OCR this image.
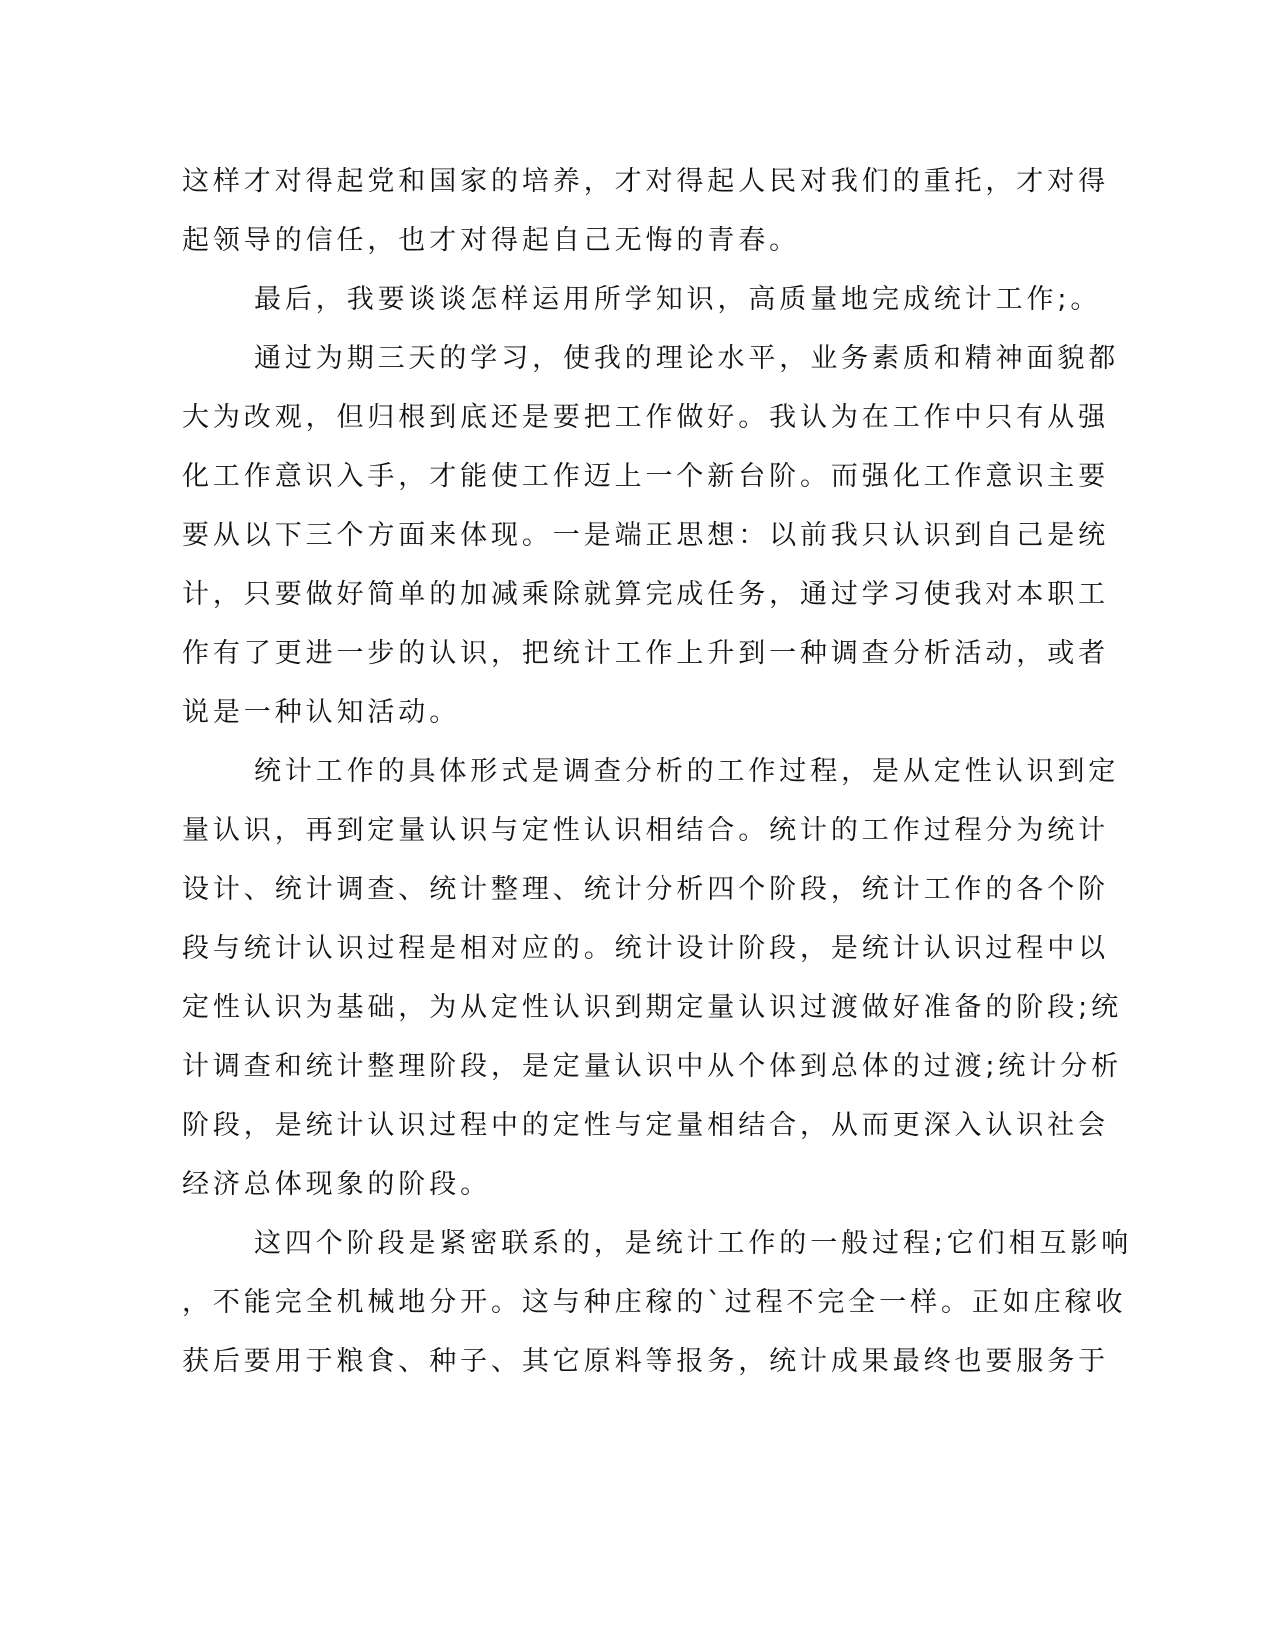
这样才对得起党和国家的培养，才对得起人民对我们的重托，才对得
起领导的信任，也才对得起自己无悔的青春。
最后，我要谈谈怎样运用所学知识，高质量地完成统计工作;。
通过为期三天的学习，使我的理论水平，业务素质和精神面貌都
大为改观，但归根到底还是要把工作做好。我认为在工作中只有从强
化工作意识入手，才能使工作迈上一个新台阶。而强化工作意识主要
要从以下三个方面来体现。一是端正思想：以前我只认识到自己是统
计，只要做好简单的加减乘除就算完成任务，通过学习使我对本职工
作有了更进一步的认识，把统计工作上升到一种调查分析活动，或者
说是一种认知活动。
统计工作的具体形式是调查分析的工作过程，是从定性认识到定
量认识，再到定量认识与定性认识相结合。统计的工作过程分为统计
设计、统计调查、统计整理、统计分析四个阶段，统计工作的各个阶
段与统计认识过程是相对应的。统计设计阶段，是统计认识过程中以
定性认识为基础，为从定性认识到期定量认识过渡做好准备的阶段;统
计调查和统计整理阶段，是定量认识中从个体到总体的过渡;统计分析
阶段，是统计认识过程中的定性与定量相结合，从而更深入认识社会
经济总体现象的阶段。
这四个阶段是紧密联系的，是统计工作的一般过程;它们相互影响
，不能完全机械地分开。这与种庄稼的`过程不完全一样。正如庄稼收
获后要用于粮食、种子、其它原料等报务，统计成果最终也要服务于
